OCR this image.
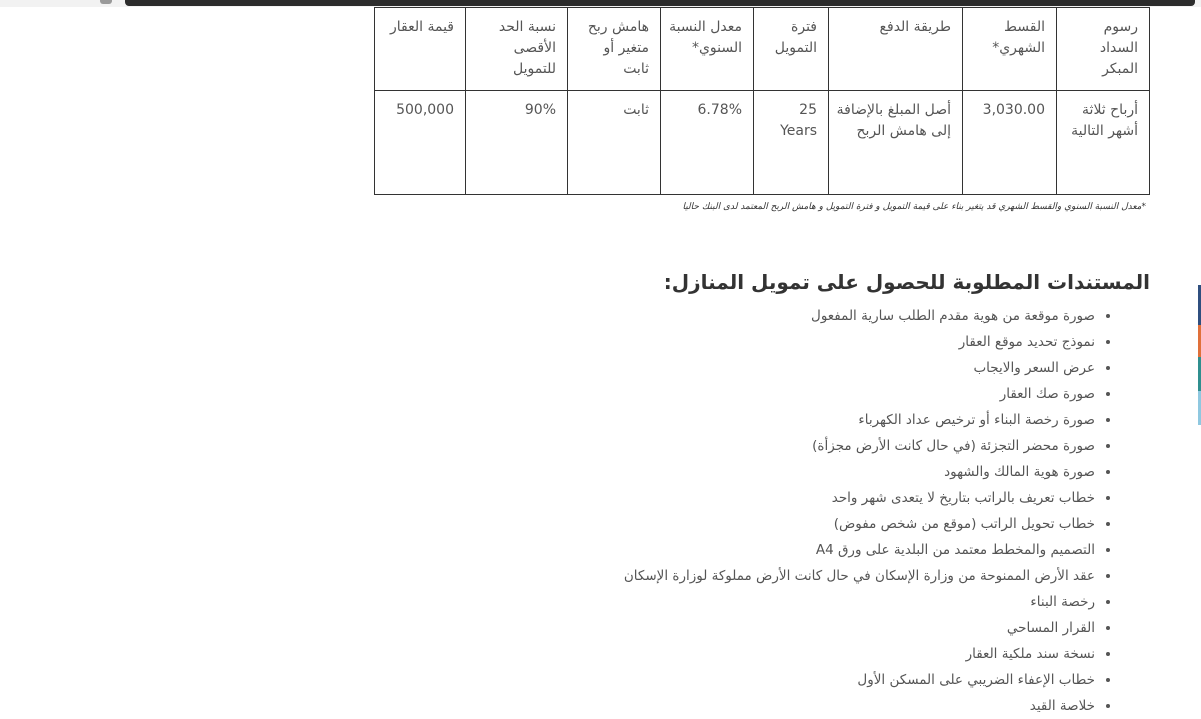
رسوم السداد المبكر	القسط الشهري*	طريقة الدفع	فترة التمويل	معدل النسبة السنوي*	هامش ربح متغير أو ثابت	نسبة الحد الأقصى للتمويل	قيمة العقار
أرباح ثلاثة أشهر التالية	3,030.00	أصل المبلغ بالإضافة إلى هامش الربح	25 Years	6.78%	ثابت	90%	500,000

*معدل النسبة السنوي والقسط الشهري قد يتغير بناء على قيمة التمويل و فترة التمويل و هامش الربح المعتمد لدى البنك حاليا

المستندات المطلوبة للحصول على تمويل المنازل:
• صورة موقعة من هوية مقدم الطلب سارية المفعول
• نموذج تحديد موقع العقار
• عرض السعر والايجاب
• صورة صك العقار
• صورة رخصة البناء أو ترخيص عداد الكهرباء
• صورة محضر التجزئة (في حال كانت الأرض مجزأة)
• صورة هوية المالك والشهود
• خطاب تعريف بالراتب بتاريخ لا يتعدى شهر واحد
• خطاب تحويل الراتب (موقع من شخص مفوض)
• التصميم والمخطط معتمد من البلدية على ورق A4
• عقد الأرض الممنوحة من وزارة الإسكان في حال كانت الأرض مملوكة لوزارة الإسكان
• رخصة البناء
• القرار المساحي
• نسخة سند ملكية العقار
• خطاب الإعفاء الضريبي على المسكن الأول
• خلاصة القيد
